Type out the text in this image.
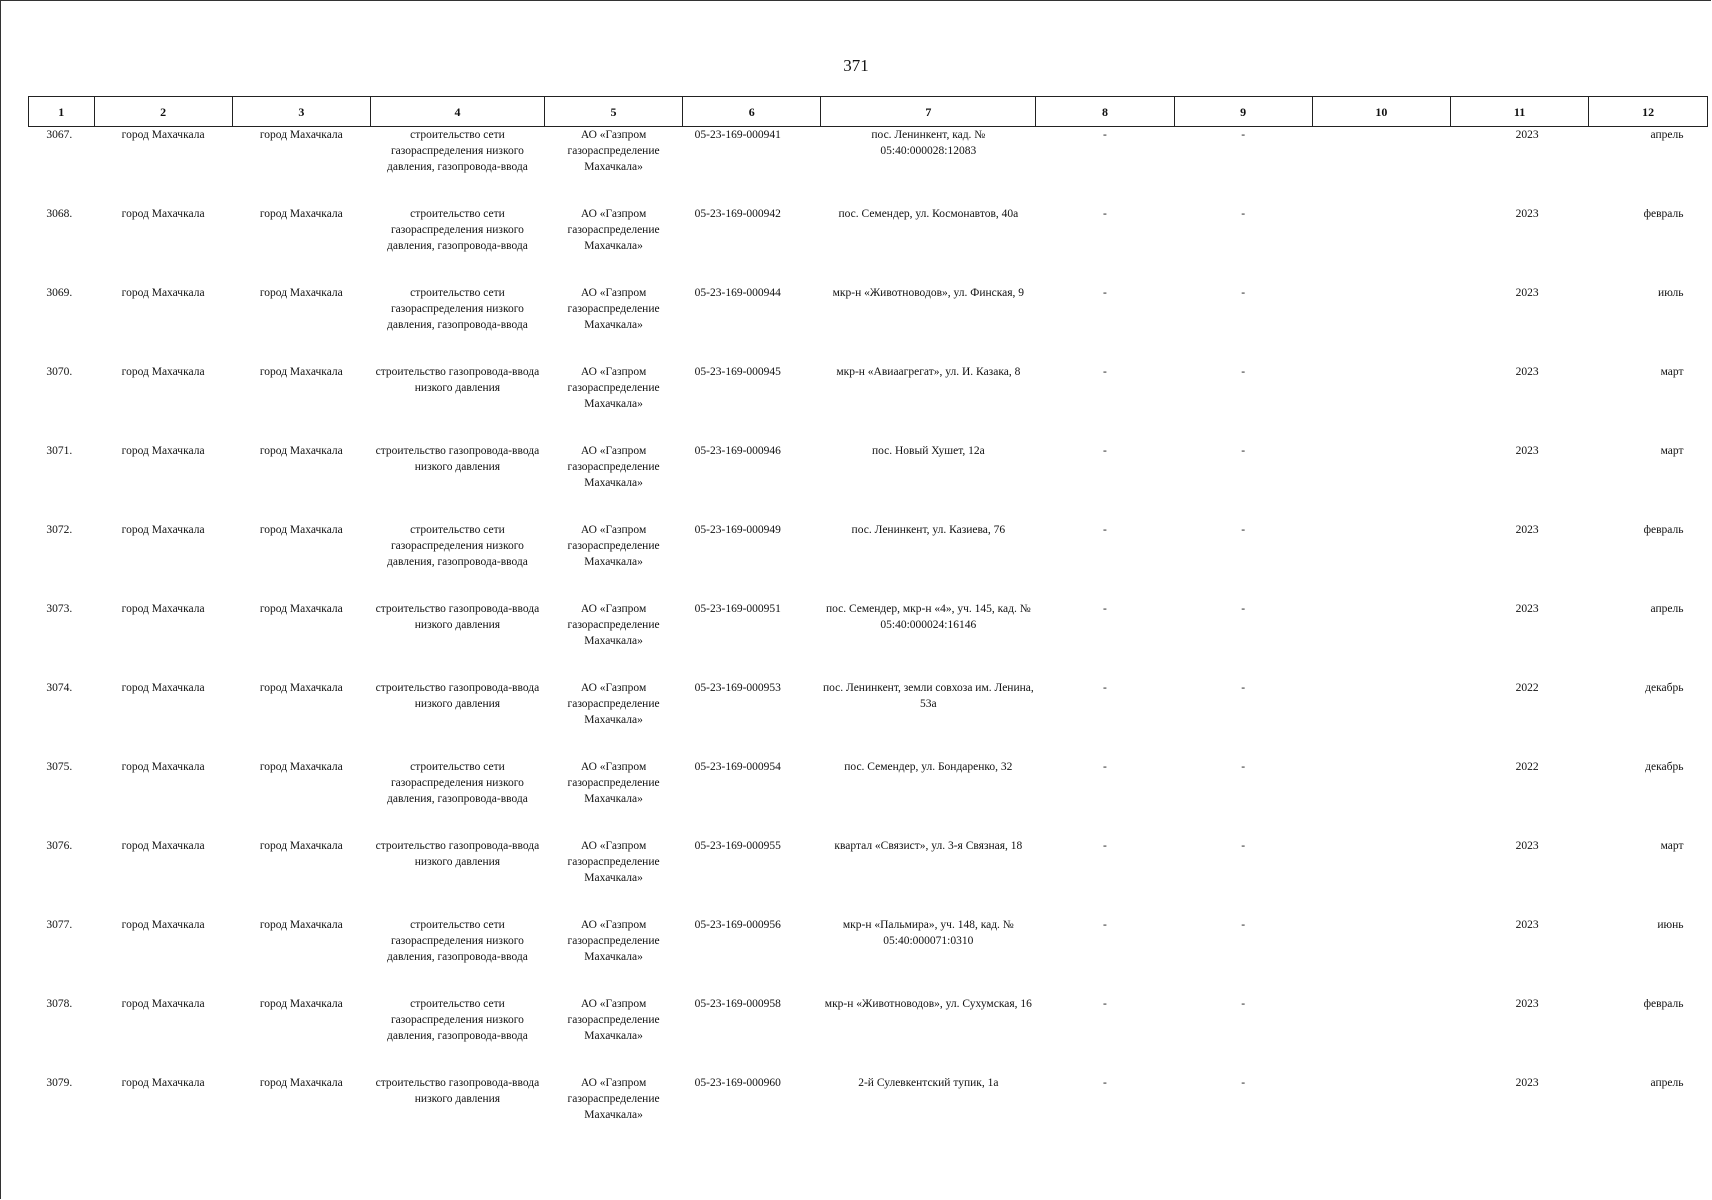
371
1	2	3	4	5	6	7	8	9	10	11	12
3067.	город Махачкала	город Махачкала	строительство сети газораспределения низкого давления, газопровода-ввода	АО «Газпром газораспределение Махачкала»	05-23-169-000941	пос. Ленинкент, кад. № 05:40:000028:12083	-	-		2023	апрель
3068.	город Махачкала	город Махачкала	строительство сети газораспределения низкого давления, газопровода-ввода	АО «Газпром газораспределение Махачкала»	05-23-169-000942	пос. Семендер, ул. Космонавтов, 40а	-	-		2023	февраль
3069.	город Махачкала	город Махачкала	строительство сети газораспределения низкого давления, газопровода-ввода	АО «Газпром газораспределение Махачкала»	05-23-169-000944	мкр-н «Животноводов», ул. Финская, 9	-	-		2023	июль
3070.	город Махачкала	город Махачкала	строительство газопровода-ввода низкого давления	АО «Газпром газораспределение Махачкала»	05-23-169-000945	мкр-н «Авиаагрегат», ул. И. Казака, 8	-	-		2023	март
3071.	город Махачкала	город Махачкала	строительство газопровода-ввода низкого давления	АО «Газпром газораспределение Махачкала»	05-23-169-000946	пос. Новый Хушет, 12а	-	-		2023	март
3072.	город Махачкала	город Махачкала	строительство сети газораспределения низкого давления, газопровода-ввода	АО «Газпром газораспределение Махачкала»	05-23-169-000949	пос. Ленинкент, ул. Казиева, 76	-	-		2023	февраль
3073.	город Махачкала	город Махачкала	строительство газопровода-ввода низкого давления	АО «Газпром газораспределение Махачкала»	05-23-169-000951	пос. Семендер, мкр-н «4», уч. 145, кад. № 05:40:000024:16146	-	-		2023	апрель
3074.	город Махачкала	город Махачкала	строительство газопровода-ввода низкого давления	АО «Газпром газораспределение Махачкала»	05-23-169-000953	пос. Ленинкент, земли совхоза им. Ленина, 53а	-	-		2022	декабрь
3075.	город Махачкала	город Махачкала	строительство сети газораспределения низкого давления, газопровода-ввода	АО «Газпром газораспределение Махачкала»	05-23-169-000954	пос. Семендер, ул. Бондаренко, 32	-	-		2022	декабрь
3076.	город Махачкала	город Махачкала	строительство газопровода-ввода низкого давления	АО «Газпром газораспределение Махачкала»	05-23-169-000955	квартал «Связист», ул. 3-я Связная, 18	-	-		2023	март
3077.	город Махачкала	город Махачкала	строительство сети газораспределения низкого давления, газопровода-ввода	АО «Газпром газораспределение Махачкала»	05-23-169-000956	мкр-н «Пальмира», уч. 148, кад. № 05:40:000071:0310	-	-		2023	июнь
3078.	город Махачкала	город Махачкала	строительство сети газораспределения низкого давления, газопровода-ввода	АО «Газпром газораспределение Махачкала»	05-23-169-000958	мкр-н «Животноводов», ул. Сухумская, 16	-	-		2023	февраль
3079.	город Махачкала	город Махачкала	строительство газопровода-ввода низкого давления	АО «Газпром газораспределение Махачкала»	05-23-169-000960	2-й Сулевкентский тупик, 1а	-	-		2023	апрель
